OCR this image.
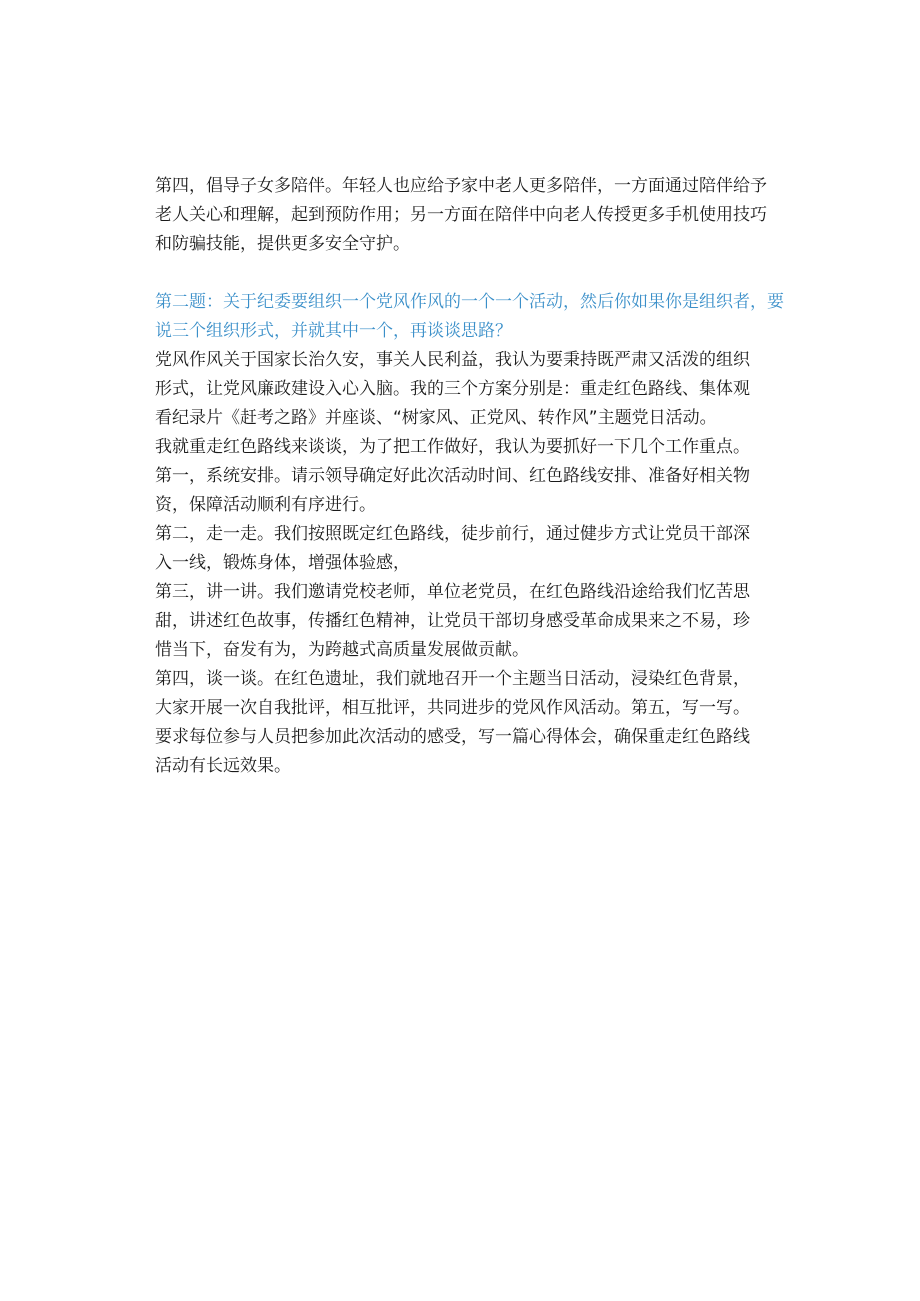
第四，倡导子女多陪伴。年轻人也应给予家中老人更多陪伴，一方面通过陪伴给予老人关心和理解，起到预防作用；另一方面在陪伴中向老人传授更多手机使用技巧和防骗技能，提供更多安全守护。

第二题：关于纪委要组织一个党风作风的一个一个活动，然后你如果你是组织者，要说三个组织形式，并就其中一个，再谈谈思路？

党风作风关于国家长治久安，事关人民利益，我认为要秉持既严肃又活泼的组织形式，让党风廉政建设入心入脑。我的三个方案分别是：重走红色路线、集体观看纪录片《赶考之路》并座谈、“树家风、正党风、转作风”主题党日活动。

我就重走红色路线来谈谈，为了把工作做好，我认为要抓好一下几个工作重点。

第一，系统安排。请示领导确定好此次活动时间、红色路线安排、准备好相关物资，保障活动顺利有序进行。

第二，走一走。我们按照既定红色路线，徒步前行，通过健步方式让党员干部深入一线，锻炼身体，增强体验感，

第三，讲一讲。我们邀请党校老师，单位老党员，在红色路线沿途给我们忆苦思甜，讲述红色故事，传播红色精神，让党员干部切身感受革命成果来之不易，珍惜当下，奋发有为，为跨越式高质量发展做贡献。

第四，谈一谈。在红色遗址，我们就地召开一个主题当日活动，浸染红色背景，大家开展一次自我批评，相互批评，共同进步的党风作风活动。第五，写一写。要求每位参与人员把参加此次活动的感受，写一篇心得体会，确保重走红色路线活动有长远效果。
